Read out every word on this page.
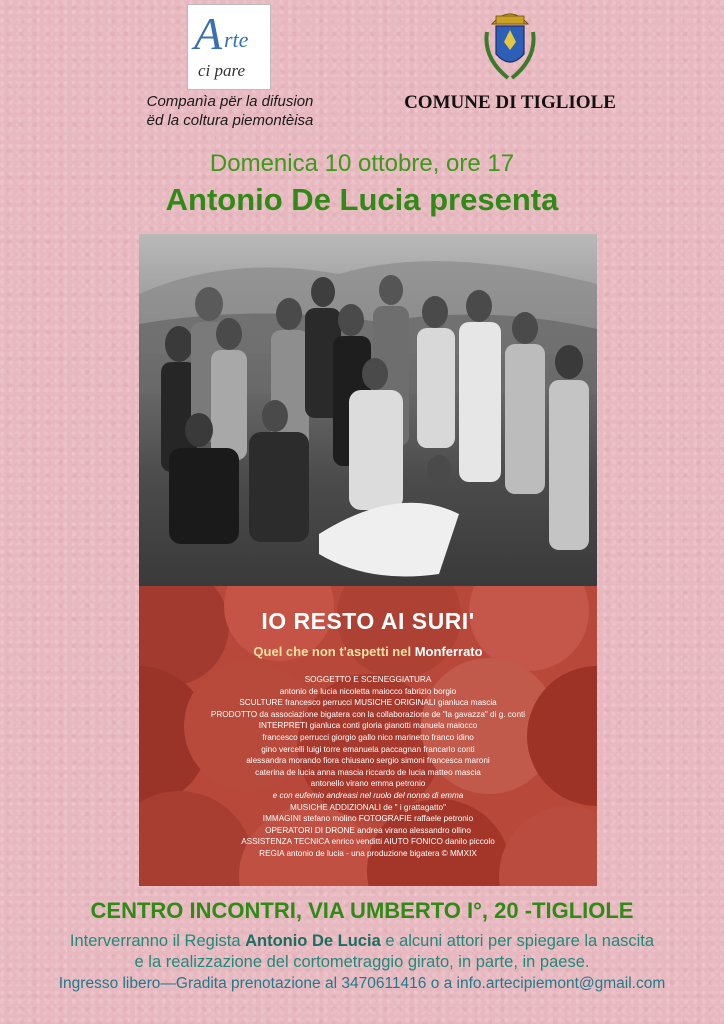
A rte
ci pare
Companìa për la difusion
ëd la coltura piemontèisa
COMUNE DI TIGLIOLE
Domenica 10 ottobre, ore 17
Antonio De Lucia presenta
IO RESTO AI SURI'
Quel che non t'aspetti nel Monferrato
SOGGETTO E SCENEGGIATURA
antonio de lucia nicoletta maiocco fabrizio borgio
SCULTURE francesco perrucci MUSICHE ORIGINALI gianluca mascia
PRODOTTO da associazione bigatera con la collaborazione de "la gavazza" di g. conti
INTERPRETI gianluca conti gloria gianotti manuela maiocco
francesco perrucci giorgio gallo nico marinetto franco idino
gino vercelli luigi torre emanuela paccagnan francarlo conti
alessandra morando fiora chiusano sergio simoni francesca maroni
caterina de lucia anna mascia riccardo de lucia matteo mascia
antonello virano emma petronio
e con eufemio andreasi nel ruolo del nonno di emma
MUSICHE ADDIZIONALI de " i grattagatto"
IMMAGINI stefano molino FOTOGRAFIE raffaele petronio
OPERATORI DI DRONE andrea virano alessandro ollino
ASSISTENZA TECNICA enrico venditti AIUTO FONICO danilo piccolo
REGIA antonio de lucia - una produzione bigatera © MMXIX
CENTRO INCONTRI, VIA UMBERTO I°, 20 -TIGLIOLE
Interverranno il Regista Antonio De Lucia e alcuni attori per spiegare la nascita
e la realizzazione del cortometraggio girato, in parte, in paese.
Ingresso libero—Gradita prenotazione al 3470611416 o a info.artecipiemont@gmail.com
